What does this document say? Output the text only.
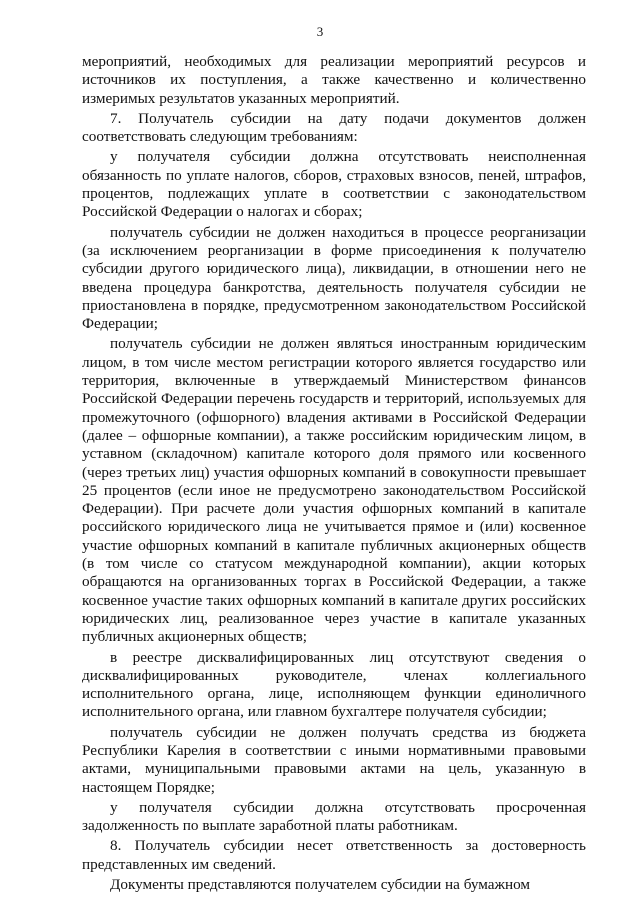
3

мероприятий, необходимых для реализации мероприятий ресурсов и источников их поступления, а также качественно и количественно измеримых результатов указанных мероприятий.

7. Получатель субсидии на дату подачи документов должен соответствовать следующим требованиям:

у получателя субсидии должна отсутствовать неисполненная обязанность по уплате налогов, сборов, страховых взносов, пеней, штрафов, процентов, подлежащих уплате в соответствии с законодательством Российской Федерации о налогах и сборах;

получатель субсидии не должен находиться в процессе реорганизации (за исключением реорганизации в форме присоединения к получателю субсидии другого юридического лица), ликвидации, в отношении него не введена процедура банкротства, деятельность получателя субсидии не приостановлена в порядке, предусмотренном законодательством Российской Федерации;

получатель субсидии не должен являться иностранным юридическим лицом, в том числе местом регистрации которого является государство или территория, включенные в утверждаемый Министерством финансов Российской Федерации перечень государств и территорий, используемых для промежуточного (офшорного) владения активами в Российской Федерации (далее – офшорные компании), а также российским юридическим лицом, в уставном (складочном) капитале которого доля прямого или косвенного (через третьих лиц) участия офшорных компаний в совокупности превышает 25 процентов (если иное не предусмотрено законодательством Российской Федерации). При расчете доли участия офшорных компаний в капитале российского юридического лица не учитывается прямое и (или) косвенное участие офшорных компаний в капитале публичных акционерных обществ (в том числе со статусом международной компании), акции которых обращаются на организованных торгах в Российской Федерации, а также косвенное участие таких офшорных компаний в капитале других российских юридических лиц, реализованное через участие в капитале указанных публичных акционерных обществ;

в реестре дисквалифицированных лиц отсутствуют сведения о дисквалифицированных руководителе, членах коллегиального исполнительного органа, лице, исполняющем функции единоличного исполнительного органа, или главном бухгалтере получателя субсидии;

получатель субсидии не должен получать средства из бюджета Республики Карелия в соответствии с иными нормативными правовыми актами, муниципальными правовыми актами на цель, указанную в настоящем Порядке;

у получателя субсидии должна отсутствовать просроченная задолженность по выплате заработной платы работникам.

8. Получатель субсидии несет ответственность за достоверность представленных им сведений.

Документы представляются получателем субсидии на бумажном
